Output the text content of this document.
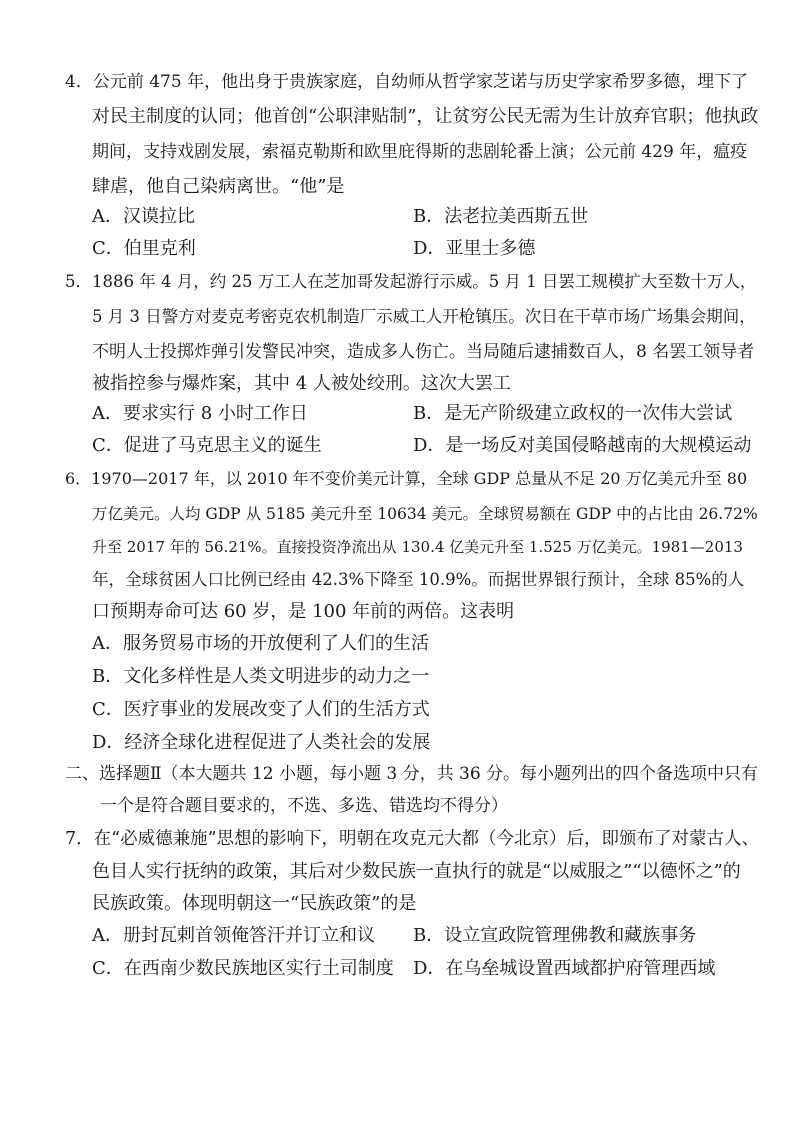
4．公元前 475 年，他出身于贵族家庭，自幼师从哲学家芝诺与历史学家希罗多德，埋下了
对民主制度的认同；他首创“公职津贴制”，让贫穷公民无需为生计放弃官职；他执政
期间，支持戏剧发展，索福克勒斯和欧里庇得斯的悲剧轮番上演；公元前 429 年，瘟疫
肆虐，他自己染病离世。“他”是
A．汉谟拉比	B．法老拉美西斯五世
C．伯里克利	D．亚里士多德
5．1886 年 4 月，约 25 万工人在芝加哥发起游行示威。5 月 1 日罢工规模扩大至数十万人，
5 月 3 日警方对麦克考密克农机制造厂示威工人开枪镇压。次日在干草市场广场集会期间，
不明人士投掷炸弹引发警民冲突，造成多人伤亡。当局随后逮捕数百人，8 名罢工领导者
被指控参与爆炸案，其中 4 人被处绞刑。这次大罢工
A．要求实行 8 小时工作日	B．是无产阶级建立政权的一次伟大尝试
C．促进了马克思主义的诞生	D．是一场反对美国侵略越南的大规模运动
6．1970—2017 年，以 2010 年不变价美元计算，全球 GDP 总量从不足 20 万亿美元升至 80
万亿美元。人均 GDP 从 5185 美元升至 10634 美元。全球贸易额在 GDP 中的占比由 26.72%
升至 2017 年的 56.21%。直接投资净流出从 130.4 亿美元升至 1.525 万亿美元。1981—2013
年，全球贫困人口比例已经由 42.3%下降至 10.9%。而据世界银行预计，全球 85%的人
口预期寿命可达 60 岁，是 100 年前的两倍。这表明
A．服务贸易市场的开放便利了人们的生活
B．文化多样性是人类文明进步的动力之一
C．医疗事业的发展改变了人们的生活方式
D．经济全球化进程促进了人类社会的发展
二、选择题Ⅱ（本大题共 12 小题，每小题 3 分，共 36 分。每小题列出的四个备选项中只有
一个是符合题目要求的，不选、多选、错选均不得分）
7．在“必威德兼施”思想的影响下，明朝在攻克元大都（今北京）后，即颁布了对蒙古人、
色目人实行抚纳的政策，其后对少数民族一直执行的就是“以威服之”“以德怀之”的
民族政策。体现明朝这一“民族政策”的是
A．册封瓦剌首领俺答汗并订立和议 B．设立宣政院管理佛教和藏族事务
C．在西南少数民族地区实行土司制度 D．在乌垒城设置西域都护府管理西域
